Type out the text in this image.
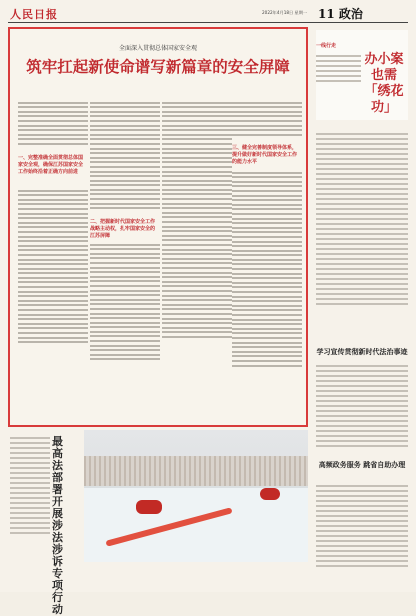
人民日报	2022年4月18日 星期一 11 政治
全面深入贯彻总体国家安全观
筑牢扛起新使命谱写新篇章的安全屏障
一、完整准确全面贯彻总体国家安全观，确保江苏国家安全工作始终沿着正确方向前进
二、把握新时代国家安全工作战略主动权，扎牢国家安全的江苏屏障
三、健全完善制度领导体系，提升做好新时代国家安全工作的能力水平
一线行走
办小案也需「绣花功」
学习宣传贯彻新时代法治事迹
高频政务服务 跳省自助办理
最高法部署开展涉法涉诉专项行动
